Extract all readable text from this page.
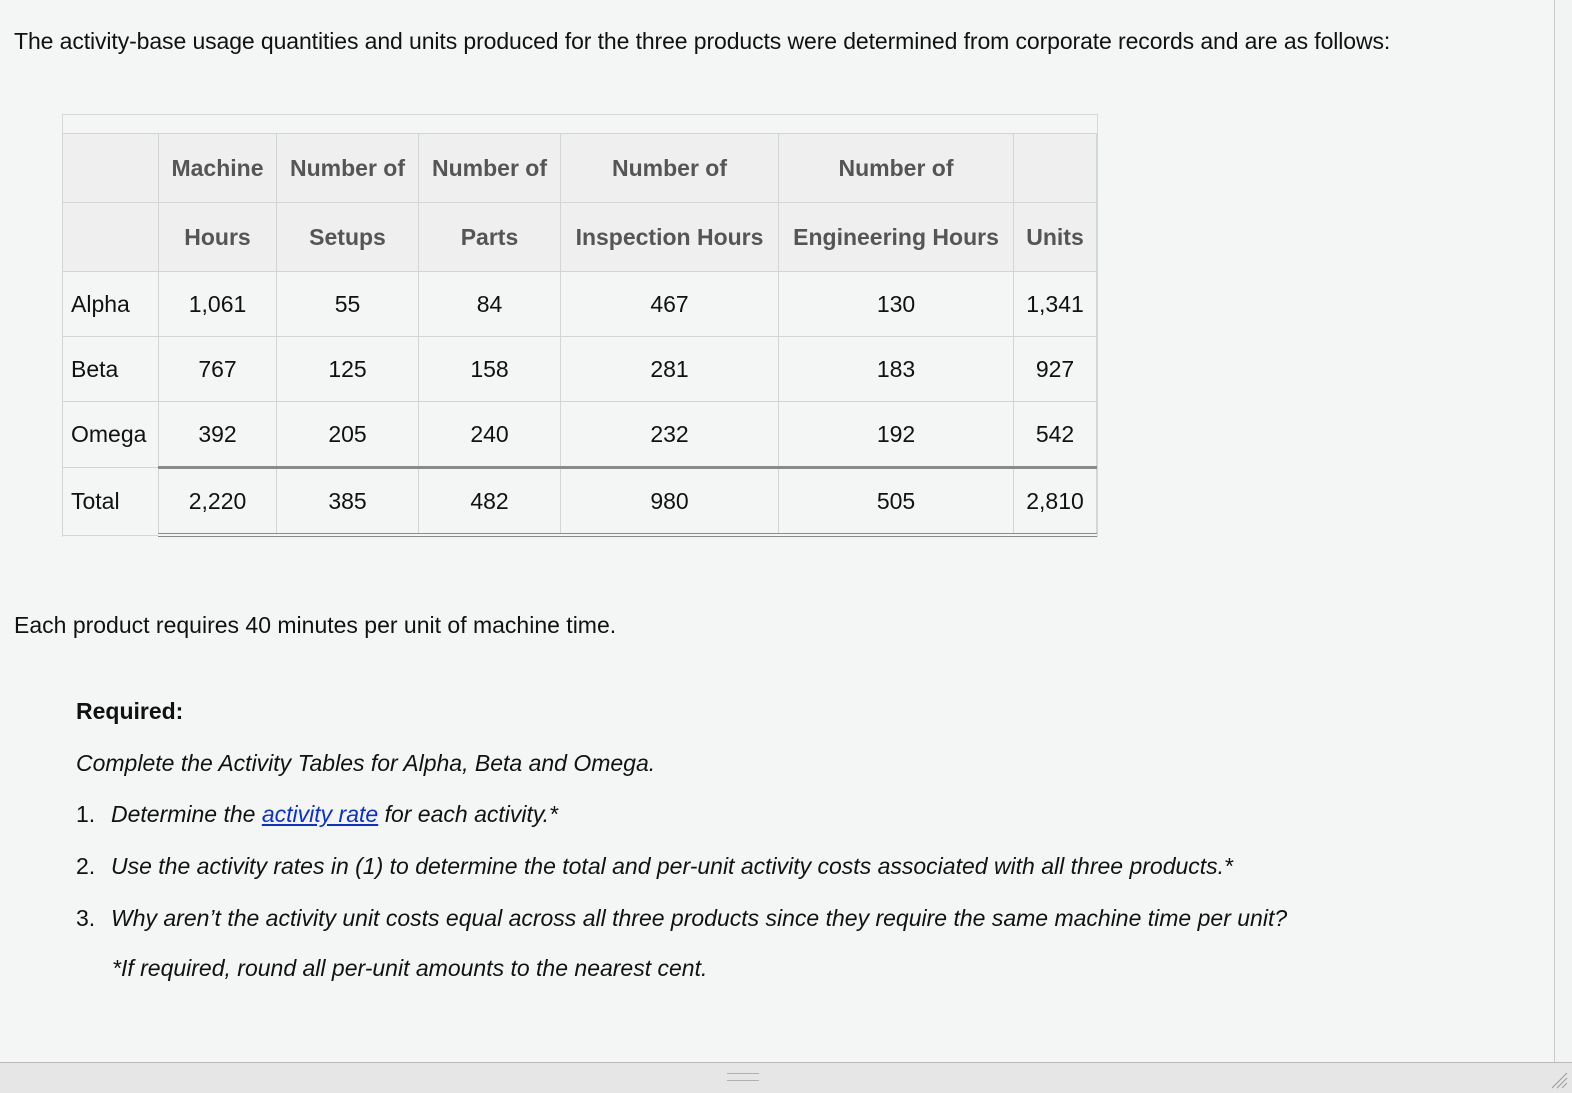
The activity-base usage quantities and units produced for the three products were determined from corporate records and are as follows:
	Machine	Number of	Number of	Number of	Number of	
	Hours	Setups	Parts	Inspection Hours	Engineering Hours	Units
Alpha	1,061	55	84	467	130	1,341
Beta	767	125	158	281	183	927
Omega	392	205	240	232	192	542
Total	2,220	385	482	980	505	2,810
Each product requires 40 minutes per unit of machine time.
Required:
Complete the Activity Tables for Alpha, Beta and Omega.
1. Determine the activity rate for each activity.*
2. Use the activity rates in (1) to determine the total and per-unit activity costs associated with all three products.*
3. Why aren’t the activity unit costs equal across all three products since they require the same machine time per unit?
*If required, round all per-unit amounts to the nearest cent.
